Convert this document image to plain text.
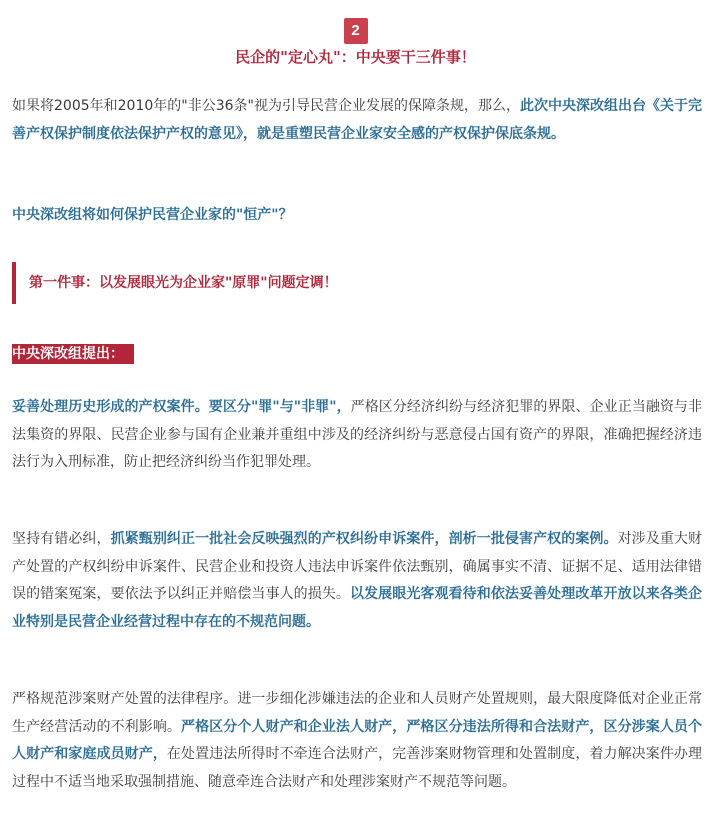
2
民企的"定心丸"：中央要干三件事！
如果将2005年和2010年的"非公36条"视为引导民营企业发展的保障条规，那么，此次中央深改组出台《关于完善产权保护制度依法保护产权的意见》，就是重塑民营企业家安全感的产权保护保底条规。
中央深改组将如何保护民营企业家的"恒产"？
第一件事：以发展眼光为企业家"原罪"问题定调！
中央深改组提出：
妥善处理历史形成的产权案件。要区分"罪"与"非罪"，严格区分经济纠纷与经济犯罪的界限、企业正当融资与非法集资的界限、民营企业参与国有企业兼并重组中涉及的经济纠纷与恶意侵占国有资产的界限，准确把握经济违法行为入刑标准，防止把经济纠纷当作犯罪处理。
坚持有错必纠，抓紧甄别纠正一批社会反映强烈的产权纠纷申诉案件，剖析一批侵害产权的案例。对涉及重大财产处置的产权纠纷申诉案件、民营企业和投资人违法申诉案件依法甄别，确属事实不清、证据不足、适用法律错误的错案冤案，要依法予以纠正并赔偿当事人的损失。以发展眼光客观看待和依法妥善处理改革开放以来各类企业特别是民营企业经营过程中存在的不规范问题。
严格规范涉案财产处置的法律程序。进一步细化涉嫌违法的企业和人员财产处置规则，最大限度降低对企业正常生产经营活动的不利影响。严格区分个人财产和企业法人财产，严格区分违法所得和合法财产，区分涉案人员个人财产和家庭成员财产，在处置违法所得时不牵连合法财产，完善涉案财物管理和处置制度，着力解决案件办理过程中不适当地采取强制措施、随意牵连合法财产和处理涉案财产不规范等问题。
